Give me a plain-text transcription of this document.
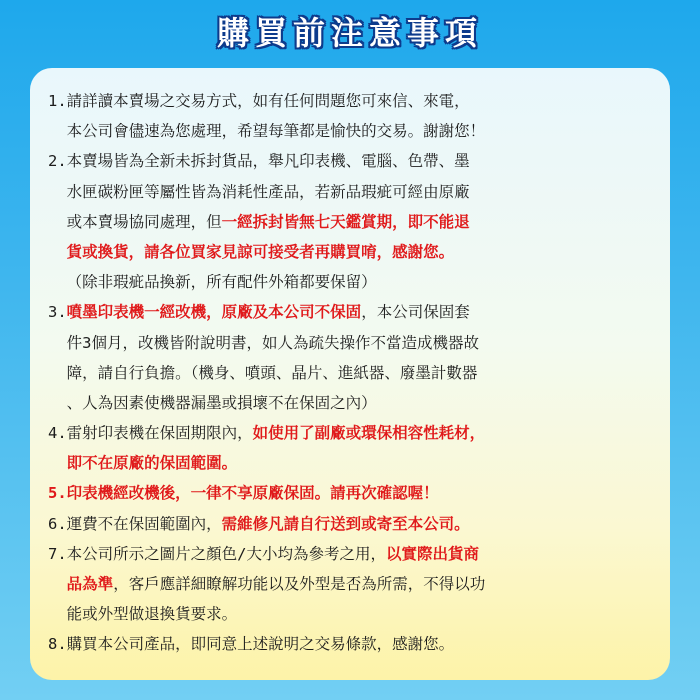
購買前注意事項
1.請詳讀本賣場之交易方式，如有任何問題您可來信、來電，
本公司會儘速為您處理，希望每筆都是愉快的交易。謝謝您！
2.本賣場皆為全新未拆封貨品，舉凡印表機、電腦、色帶、墨
水匣碳粉匣等屬性皆為消耗性產品，若新品瑕疵可經由原廠
或本賣場協同處理，但一經拆封皆無七天鑑賞期，即不能退
貨或換貨，請各位買家見諒可接受者再購買唷，感謝您。
（除非瑕疵品換新，所有配件外箱都要保留）
3.噴墨印表機一經改機，原廠及本公司不保固，本公司保固套
件3個月，改機皆附說明書，如人為疏失操作不當造成機器故
障，請自行負擔。（機身、噴頭、晶片、進紙器、廢墨計數器
、人為因素使機器漏墨或損壞不在保固之內）
4.雷射印表機在保固期限內，如使用了副廠或環保相容性耗材，
即不在原廠的保固範圍。
5.印表機經改機後，一律不享原廠保固。請再次確認喔！
6.運費不在保固範圍內，需維修凡請自行送到或寄至本公司。
7.本公司所示之圖片之顏色/大小均為參考之用，以實際出貨商
品為準，客戶應詳細瞭解功能以及外型是否為所需，不得以功
能或外型做退換貨要求。
8.購買本公司產品，即同意上述說明之交易條款，感謝您。
